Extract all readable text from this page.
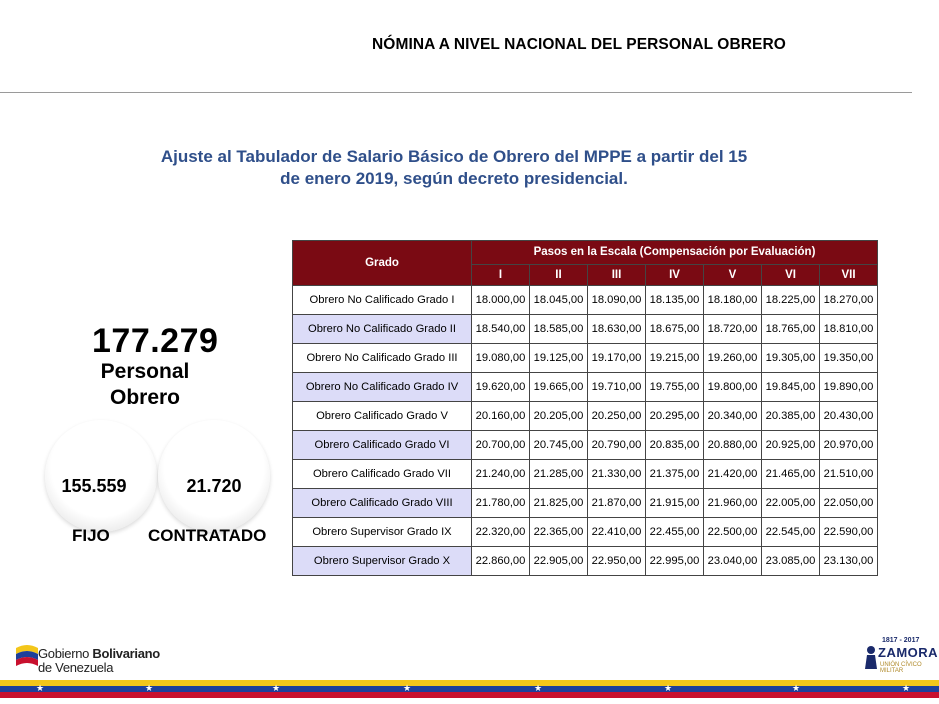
NÓMINA A NIVEL NACIONAL DEL PERSONAL OBRERO
Ajuste al Tabulador de Salario Básico de Obrero del MPPE a partir del 15
de enero 2019, según decreto presidencial.
177.279
Personal
Obrero
155.559	21.720
FIJO CONTRATADO
Grado	Pasos en la Escala (Compensación por Evaluación)						
	I	II	III	IV	V	VI	VII
Obrero No Calificado Grado I	18.000,00	18.045,00	18.090,00	18.135,00	18.180,00	18.225,00	18.270,00
Obrero No Calificado Grado II	18.540,00	18.585,00	18.630,00	18.675,00	18.720,00	18.765,00	18.810,00
Obrero No Calificado Grado III	19.080,00	19.125,00	19.170,00	19.215,00	19.260,00	19.305,00	19.350,00
Obrero No Calificado Grado IV	19.620,00	19.665,00	19.710,00	19.755,00	19.800,00	19.845,00	19.890,00
Obrero Calificado Grado V	20.160,00	20.205,00	20.250,00	20.295,00	20.340,00	20.385,00	20.430,00
Obrero Calificado Grado VI	20.700,00	20.745,00	20.790,00	20.835,00	20.880,00	20.925,00	20.970,00
Obrero Calificado Grado VII	21.240,00	21.285,00	21.330,00	21.375,00	21.420,00	21.465,00	21.510,00
Obrero Calificado Grado VIII	21.780,00	21.825,00	21.870,00	21.915,00	21.960,00	22.005,00	22.050,00
Obrero Supervisor Grado IX	22.320,00	22.365,00	22.410,00	22.455,00	22.500,00	22.545,00	22.590,00
Obrero Supervisor Grado X	22.860,00	22.905,00	22.950,00	22.995,00	23.040,00	23.085,00	23.130,00
Gobierno Bolivariano
de Venezuela
1817 - 2017
ZAMORA
UNIÓN CÍVICO MILITAR
★	★	★	★	★	★	★	★
